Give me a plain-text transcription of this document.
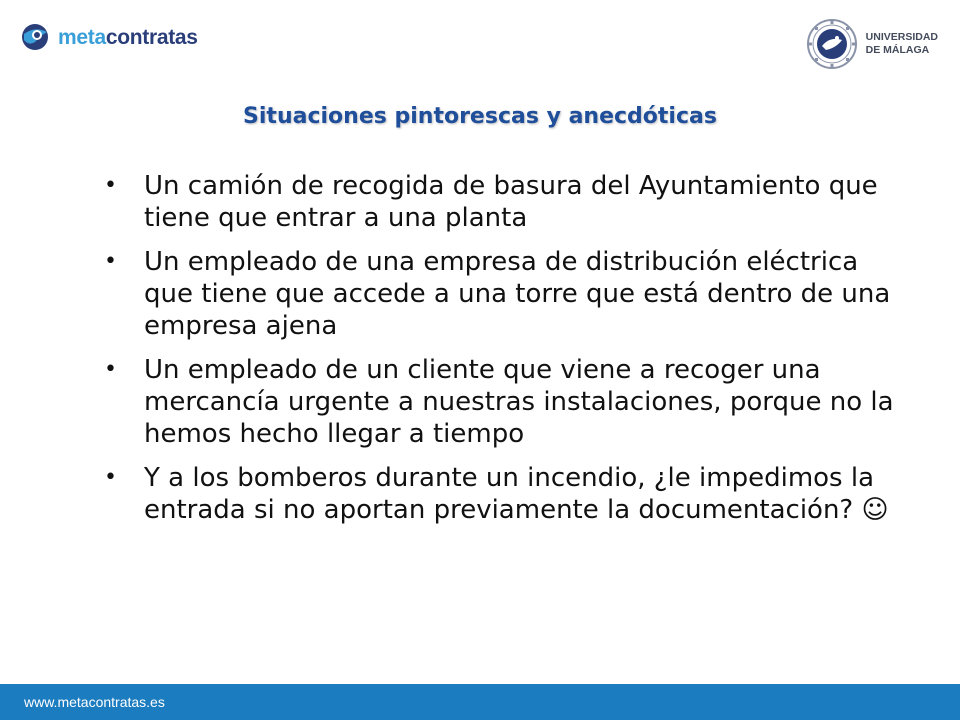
metacontratas	UNIVERSIDAD
DE MÁLAGA
Situaciones pintorescas y anecdóticas
• Un camión de recogida de basura del Ayuntamiento que tiene que entrar a una planta
• Un empleado de una empresa de distribución eléctrica que tiene que accede a una torre que está dentro de una empresa ajena
• Un empleado de un cliente que viene a recoger una mercancía urgente a nuestras instalaciones, porque no la hemos hecho llegar a tiempo
• Y a los bomberos durante un incendio, ¿le impedimos la entrada si no aportan previamente la documentación? ☺
www.metacontratas.es
